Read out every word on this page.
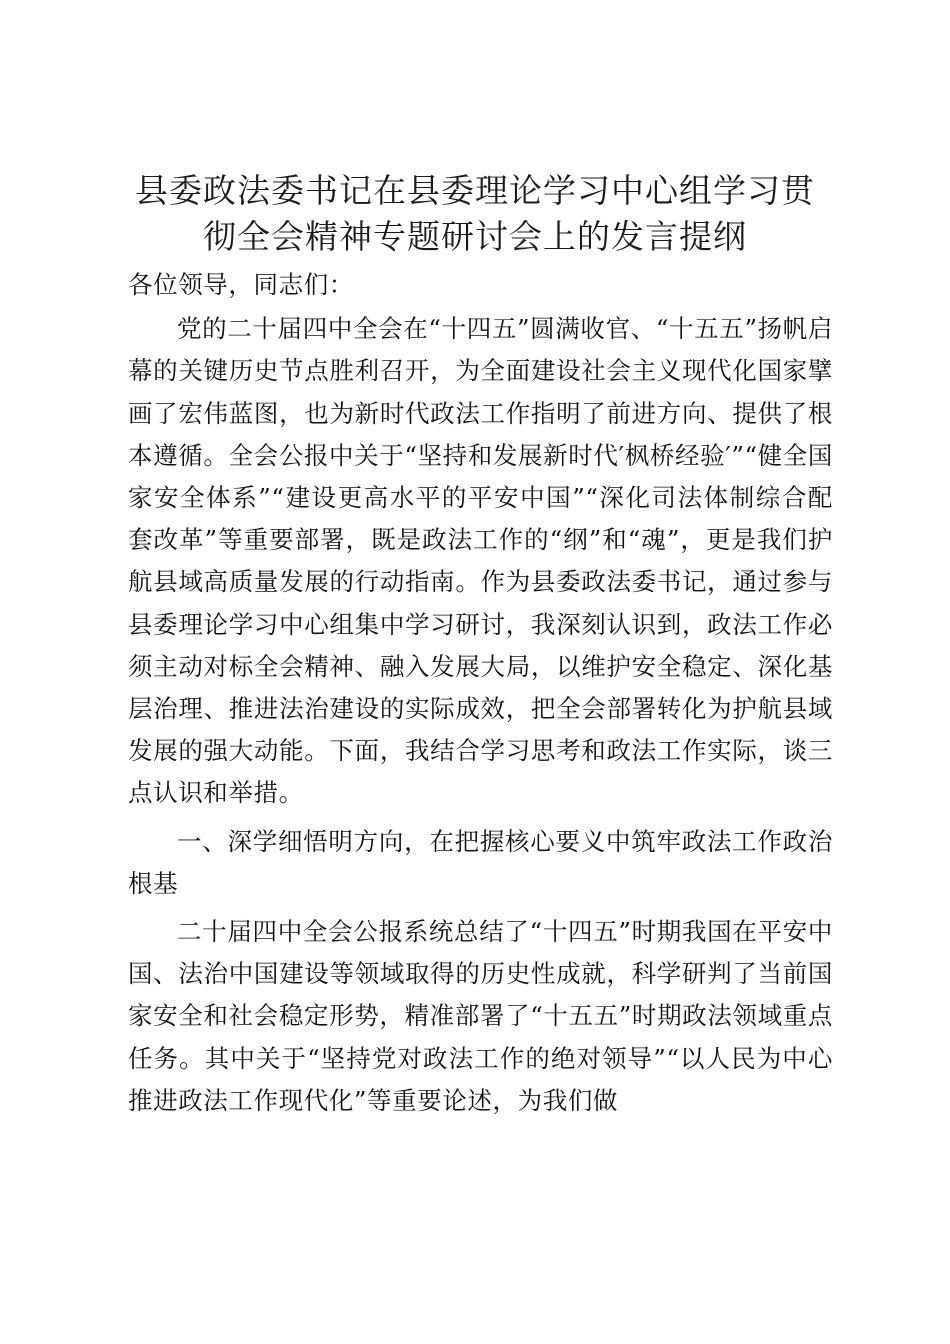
县委政法委书记在县委理论学习中心组学习贯
彻全会精神专题研讨会上的发言提纲

各位领导，同志们：

党的二十届四中全会在“十四五”圆满收官、“十五五”扬帆启幕的关键历史节点胜利召开，为全面建设社会主义现代化国家擘画了宏伟蓝图，也为新时代政法工作指明了前进方向、提供了根本遵循。全会公报中关于“坚持和发展新时代′枫桥经验′”“健全国家安全体系”“建设更高水平的平安中国”“深化司法体制综合配套改革”等重要部署，既是政法工作的“纲”和“魂”，更是我们护航县域高质量发展的行动指南。作为县委政法委书记，通过参与县委理论学习中心组集中学习研讨，我深刻认识到，政法工作必须主动对标全会精神、融入发展大局，以维护安全稳定、深化基层治理、推进法治建设的实际成效，把全会部署转化为护航县域发展的强大动能。下面，我结合学习思考和政法工作实际，谈三点认识和举措。

一、深学细悟明方向，在把握核心要义中筑牢政法工作政治根基

二十届四中全会公报系统总结了“十四五”时期我国在平安中国、法治中国建设等领域取得的历史性成就，科学研判了当前国家安全和社会稳定形势，精准部署了“十五五”时期政法领域重点任务。其中关于“坚持党对政法工作的绝对领导”“以人民为中心推进政法工作现代化”等重要论述，为我们做
